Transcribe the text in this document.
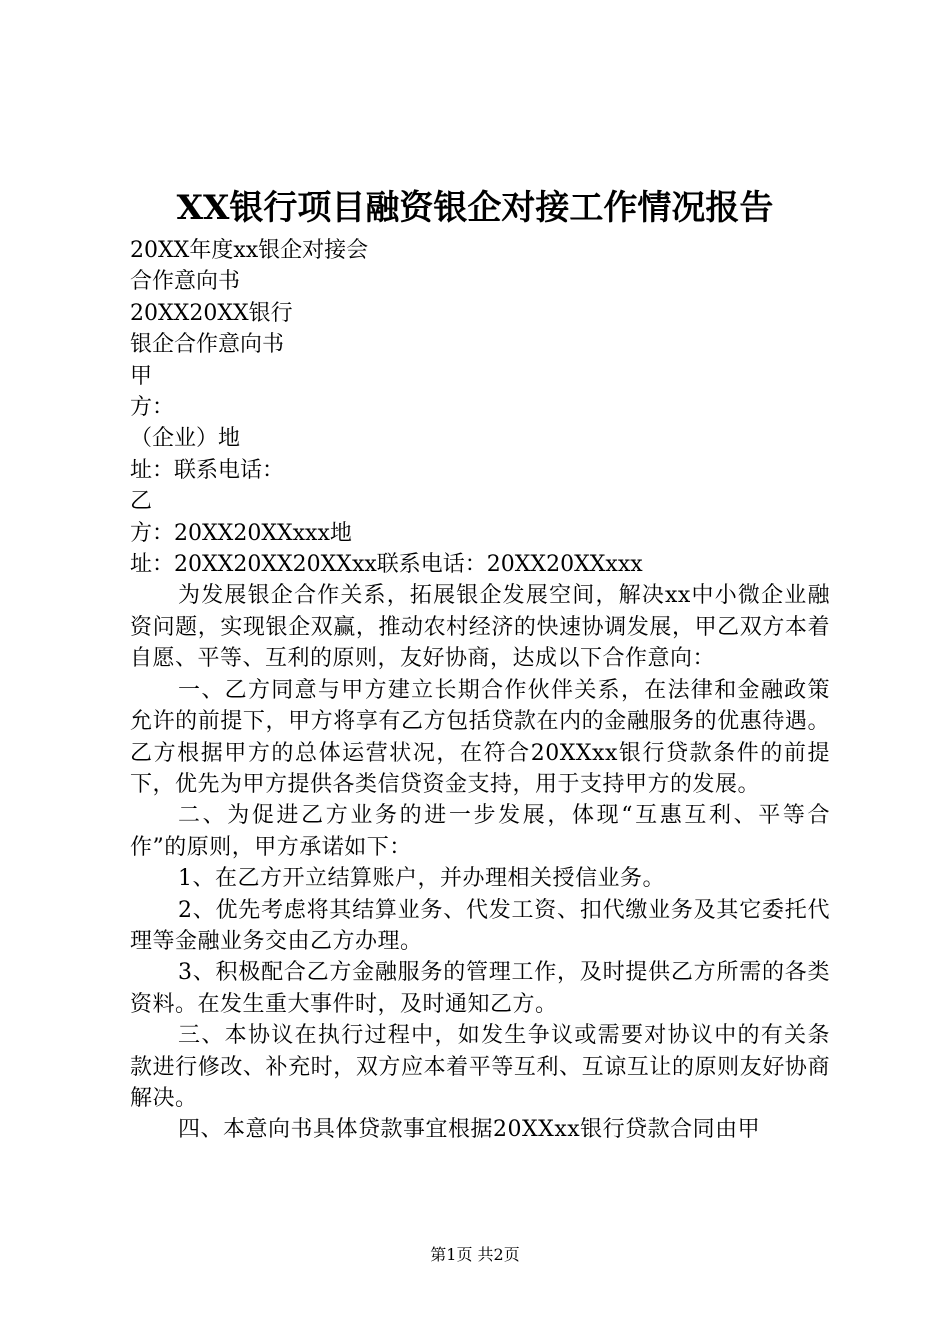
XX银行项目融资银企对接工作情况报告

20XX年度xx银企对接会

合作意向书

20XX20XX银行

银企合作意向书

甲

方：

（企业）地

址：联系电话：

乙

方：20XX20XXxxx地

址：20XX20XX20XXxx联系电话：20XX20XXxxx

为发展银企合作关系，拓展银企发展空间，解决xx中小微企业融资问题，实现银企双赢，推动农村经济的快速协调发展，甲乙双方本着自愿、平等、互利的原则，友好协商，达成以下合作意向：

一、乙方同意与甲方建立长期合作伙伴关系，在法律和金融政策允许的前提下，甲方将享有乙方包括贷款在内的金融服务的优惠待遇。乙方根据甲方的总体运营状况，在符合20XXxx银行贷款条件的前提下，优先为甲方提供各类信贷资金支持，用于支持甲方的发展。

二、为促进乙方业务的进一步发展，体现“互惠互利、平等合作”的原则，甲方承诺如下：

1、在乙方开立结算账户，并办理相关授信业务。

2、优先考虑将其结算业务、代发工资、扣代缴业务及其它委托代理等金融业务交由乙方办理。

3、积极配合乙方金融服务的管理工作，及时提供乙方所需的各类资料。在发生重大事件时，及时通知乙方。

三、本协议在执行过程中，如发生争议或需要对协议中的有关条款进行修改、补充时，双方应本着平等互利、互谅互让的原则友好协商解决。

四、本意向书具体贷款事宜根据20XXxx银行贷款合同由甲

第1页 共2页
